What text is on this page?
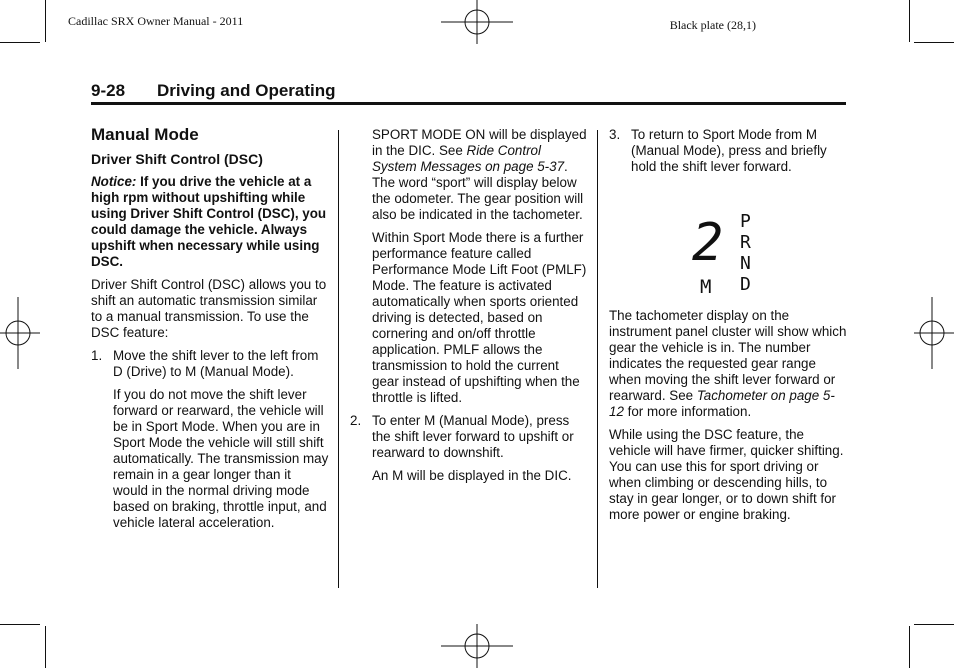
Cadillac SRX Owner Manual - 2011	Black plate (28,1)
9-28 Driving and Operating
Manual Mode
Driver Shift Control (DSC)

Notice: If you drive the vehicle at a high rpm without upshifting while using Driver Shift Control (DSC), you could damage the vehicle. Always upshift when necessary while using DSC.

Driver Shift Control (DSC) allows you to shift an automatic transmission similar to a manual transmission. To use the DSC feature:

1. Move the shift lever to the left from D (Drive) to M (Manual Mode).

If you do not move the shift lever forward or rearward, the vehicle will be in Sport Mode. When you are in Sport Mode the vehicle will still shift automatically. The transmission may remain in a gear longer than it would in the normal driving mode based on braking, throttle input, and vehicle lateral acceleration.

SPORT MODE ON will be displayed in the DIC. See Ride Control System Messages on page 5-37. The word “sport” will display below the odometer. The gear position will also be indicated in the tachometer.

Within Sport Mode there is a further performance feature called Performance Mode Lift Foot (PMLF) Mode. The feature is activated automatically when sports oriented driving is detected, based on cornering and on/off throttle application. PMLF allows the transmission to hold the current gear instead of upshifting when the throttle is lifted.

2. To enter M (Manual Mode), press the shift lever forward to upshift or rearward to downshift.

An M will be displayed in the DIC.

3. To return to Sport Mode from M (Manual Mode), press and briefly hold the shift lever forward.
2
M
P
R
N
D

The tachometer display on the instrument panel cluster will show which gear the vehicle is in. The number indicates the requested gear range when moving the shift lever forward or rearward. See Tachometer on page 5-12 for more information.

While using the DSC feature, the vehicle will have firmer, quicker shifting. You can use this for sport driving or when climbing or descending hills, to stay in gear longer, or to down shift for more power or engine braking.
